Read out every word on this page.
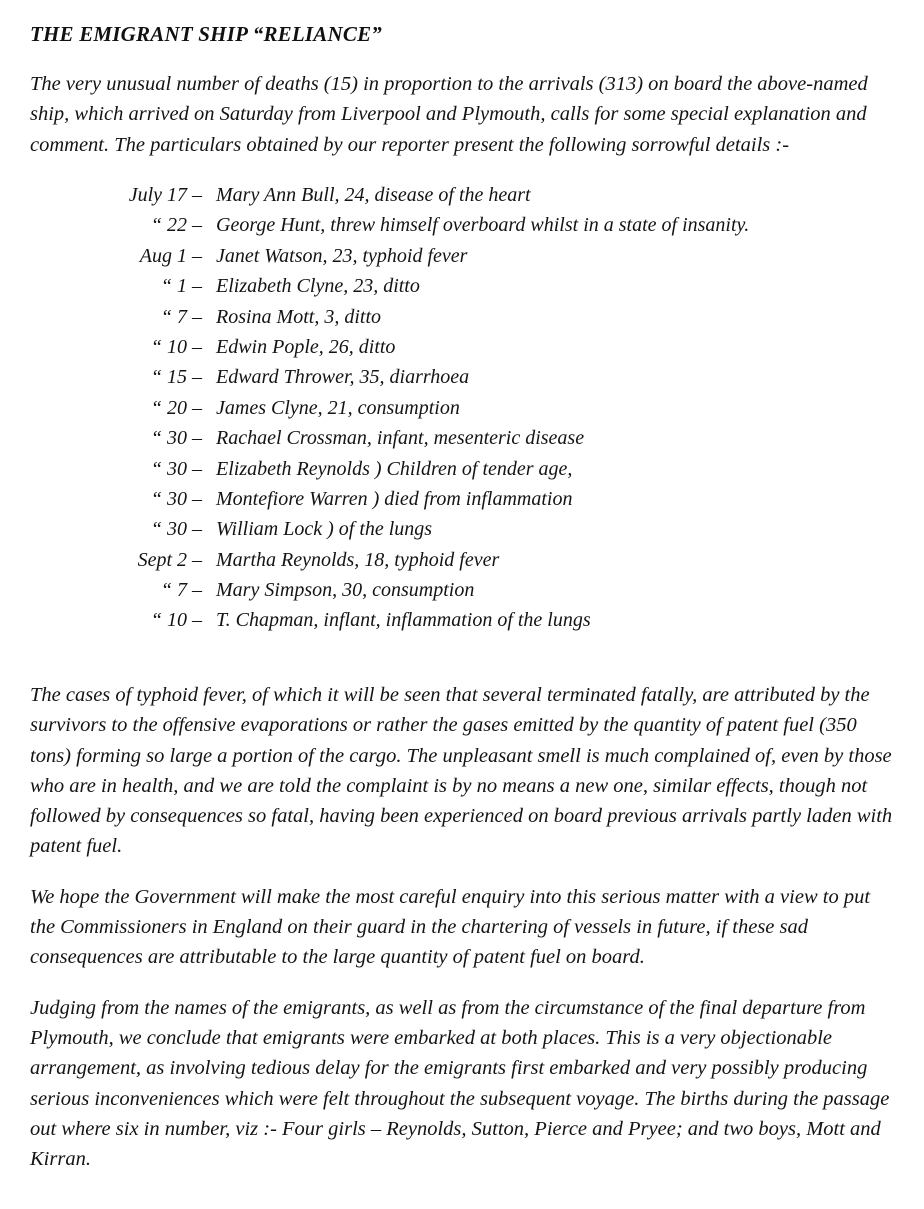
THE EMIGRANT SHIP “RELIANCE”

The very unusual number of deaths (15) in proportion to the arrivals (313) on board the above-named ship, which arrived on Saturday from Liverpool and Plymouth, calls for some special explanation and comment. The particulars obtained by our reporter present the following sorrowful details :-

July 17 – Mary Ann Bull, 24, disease of the heart
“ 22 – George Hunt, threw himself overboard whilst in a state of insanity.
Aug 1 – Janet Watson, 23, typhoid fever
“ 1 – Elizabeth Clyne, 23, ditto
“ 7 – Rosina Mott, 3, ditto
“ 10 – Edwin Pople, 26, ditto
“ 15 – Edward Thrower, 35, diarrhoea
“ 20 – James Clyne, 21, consumption
“ 30 – Rachael Crossman, infant, mesenteric disease
“ 30 – Elizabeth Reynolds ) Children of tender age,
“ 30 – Montefiore Warren ) died from inflammation
“ 30 – William Lock ) of the lungs
Sept 2 – Martha Reynolds, 18, typhoid fever
“ 7 – Mary Simpson, 30, consumption
“ 10 – T. Chapman, inflant, inflammation of the lungs

The cases of typhoid fever, of which it will be seen that several terminated fatally, are attributed by the survivors to the offensive evaporations or rather the gases emitted by the quantity of patent fuel (350 tons) forming so large a portion of the cargo. The unpleasant smell is much complained of, even by those who are in health, and we are told the complaint is by no means a new one, similar effects, though not followed by consequences so fatal, having been experienced on board previous arrivals partly laden with patent fuel.

We hope the Government will make the most careful enquiry into this serious matter with a view to put the Commissioners in England on their guard in the chartering of vessels in future, if these sad consequences are attributable to the large quantity of patent fuel on board.

Judging from the names of the emigrants, as well as from the circumstance of the final departure from Plymouth, we conclude that emigrants were embarked at both places. This is a very objectionable arrangement, as involving tedious delay for the emigrants first embarked and very possibly producing serious inconveniences which were felt throughout the subsequent voyage. The births during the passage out where six in number, viz :- Four girls – Reynolds, Sutton, Pierce and Pryee; and two boys, Mott and Kirran.
